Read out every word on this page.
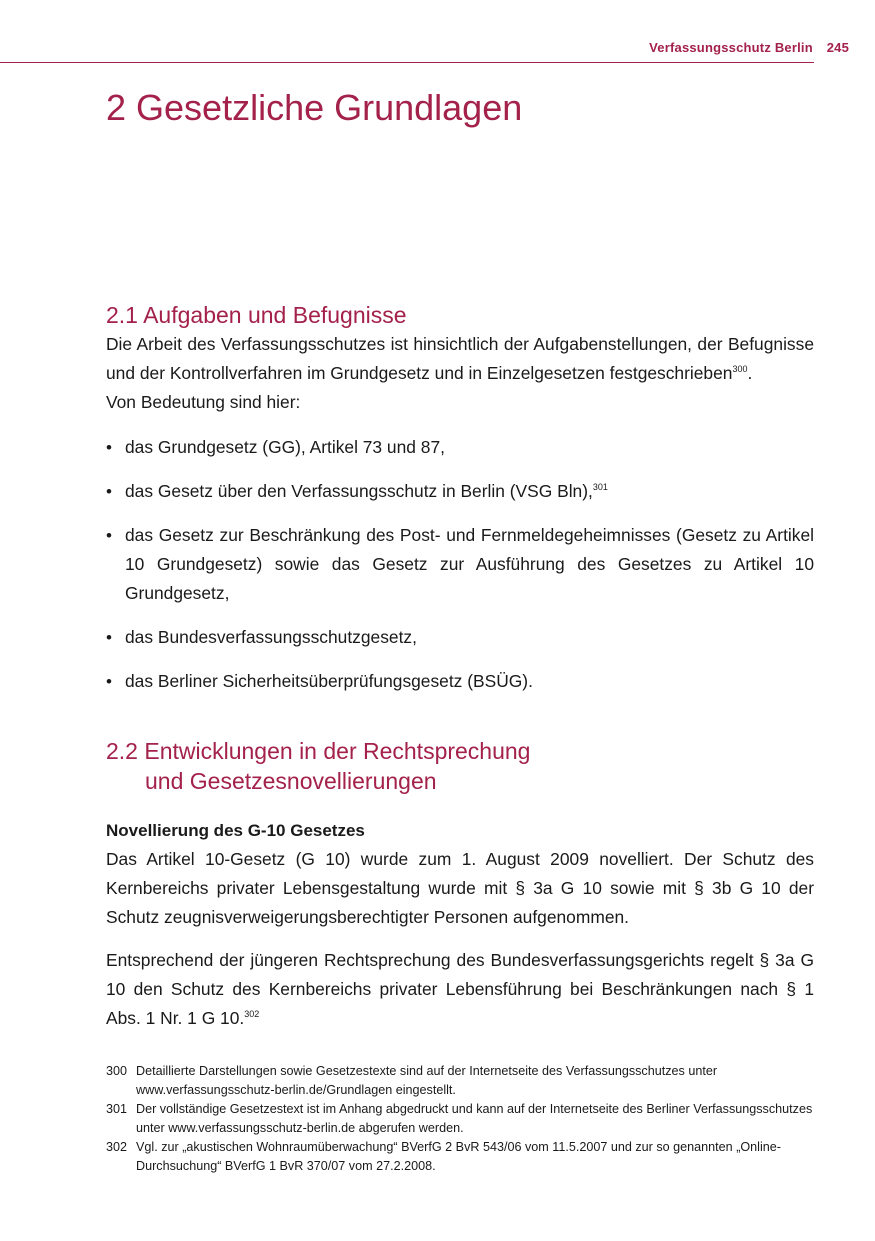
Verfassungsschutz Berlin 245
2 Gesetzliche Grundlagen
2.1 Aufgaben und Befugnisse

Die Arbeit des Verfassungsschutzes ist hinsichtlich der Aufgabenstellungen, der Befugnisse und der Kontrollverfahren im Grundgesetz und in Einzelgesetzen festgeschrieben$^{300}$.
Von Bedeutung sind hier:

• das Grundgesetz (GG), Artikel 73 und 87,
• das Gesetz über den Verfassungsschutz in Berlin (VSG Bln),$^{301}$
• das Gesetz zur Beschränkung des Post- und Fernmeldegeheimnisses (Gesetz zu Artikel 10 Grundgesetz) sowie das Gesetz zur Ausführung des Gesetzes zu Artikel 10 Grundgesetz,
• das Bundesverfassungsschutzgesetz,
• das Berliner Sicherheitsüberprüfungsgesetz (BSÜG).
2.2 Entwicklungen in der Rechtsprechung
und Gesetzesnovellierungen
Novellierung des G-10 Gesetzes

Das Artikel 10-Gesetz (G 10) wurde zum 1. August 2009 novelliert. Der Schutz des Kernbereichs privater Lebensgestaltung wurde mit § 3a G 10 sowie mit § 3b G 10 der Schutz zeugnisverweigerungsberechtigter Personen aufgenommen.

Entsprechend der jüngeren Rechtsprechung des Bundesverfassungsgerichts regelt § 3a G 10 den Schutz des Kernbereichs privater Lebensführung bei Beschränkungen nach § 1 Abs. 1 Nr. 1 G 10.$^{302}$

300 Detaillierte Darstellungen sowie Gesetzestexte sind auf der Internetseite des Verfassungsschutzes unter www.verfassungsschutz-berlin.de/Grundlagen eingestellt.
301 Der vollständige Gesetzestext ist im Anhang abgedruckt und kann auf der Internetseite des Berliner Verfassungsschutzes unter www.verfassungsschutz-berlin.de abgerufen werden.
302 Vgl. zur „akustischen Wohnraumüberwachung“ BVerfG 2 BvR 543/06 vom 11.5.2007 und zur so genannten „Online-Durchsuchung“ BVerfG 1 BvR 370/07 vom 27.2.2008.
